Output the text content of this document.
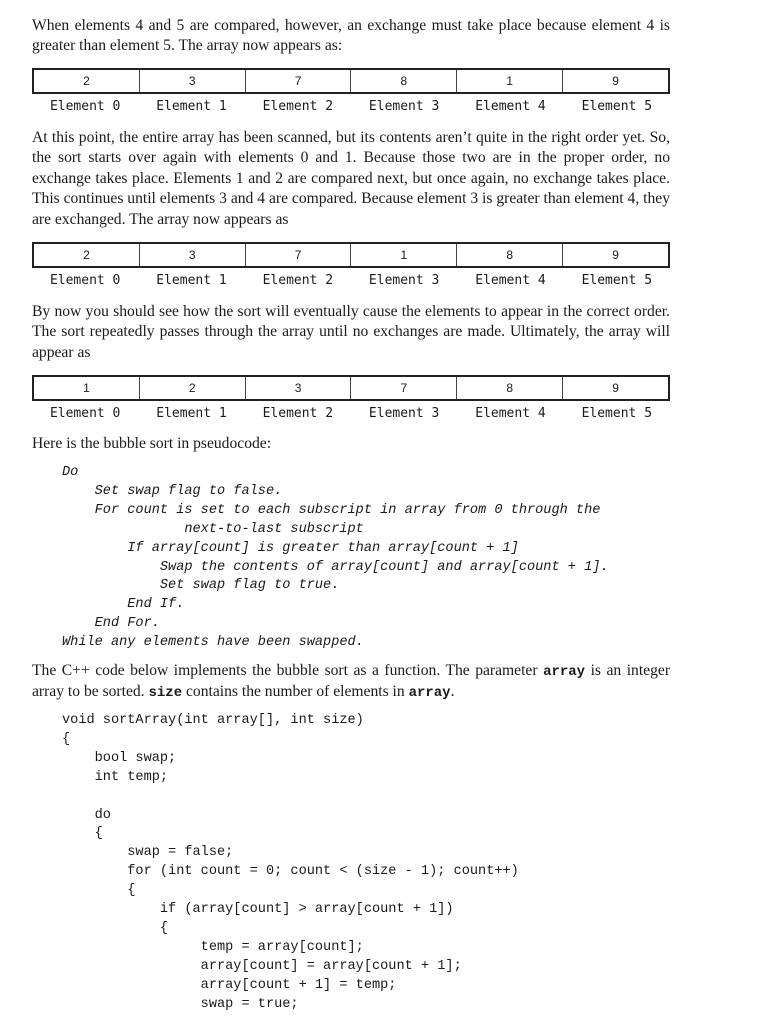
When elements 4 and 5 are compared, however, an exchange must take place because element 4 is greater than element 5. The array now appears as:

2	3	7	8	1	9
Element 0	Element 1	Element 2	Element 3	Element 4	Element 5

At this point, the entire array has been scanned, but its contents aren’t quite in the right order yet. So, the sort starts over again with elements 0 and 1. Because those two are in the proper order, no exchange takes place. Elements 1 and 2 are compared next, but once again, no exchange takes place. This continues until elements 3 and 4 are compared. Because element 3 is greater than element 4, they are exchanged. The array now appears as

2	3	7	1	8	9
Element 0	Element 1	Element 2	Element 3	Element 4	Element 5

By now you should see how the sort will eventually cause the elements to appear in the correct order. The sort repeatedly passes through the array until no exchanges are made. Ultimately, the array will appear as

1	2	3	7	8	9
Element 0	Element 1	Element 2	Element 3	Element 4	Element 5

Here is the bubble sort in pseudocode:

Do
Set swap flag to false.
For count is set to each subscript in array from 0 through the
next-to-last subscript
If array[count] is greater than array[count + 1]
Swap the contents of array[count] and array[count + 1].
Set swap flag to true.
End If.
End For.
While any elements have been swapped.

The C++ code below implements the bubble sort as a function. The parameter array is an integer array to be sorted. size contains the number of elements in array.

void sortArray(int array[], int size)
{
bool swap;
int temp;

do
{
swap = false;
for (int count = 0; count < (size - 1); count++)
{
if (array[count] > array[count + 1])
{
temp = array[count];
array[count] = array[count + 1];
array[count + 1] = temp;
swap = true;
